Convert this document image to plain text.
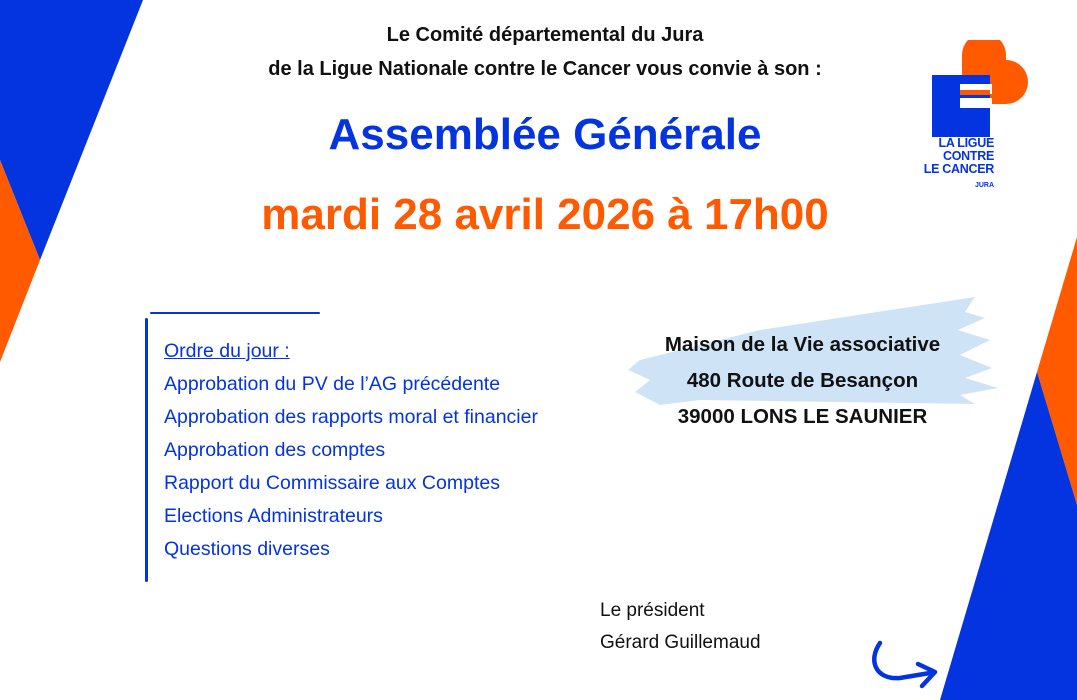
Le Comité départemental du Jura
de la Ligue Nationale contre le Cancer vous convie à son :
Assemblée Générale
mardi 28 avril 2026 à 17h00
LA LIGUE
CONTRE
LE CANCER
JURA
Ordre du jour :
Approbation du PV de l’AG précédente
Approbation des rapports moral et financier
Approbation des comptes
Rapport du Commissaire aux Comptes
Elections Administrateurs
Questions diverses
Maison de la Vie associative
480 Route de Besançon
39000 LONS LE SAUNIER
Le président
Gérard Guillemaud
